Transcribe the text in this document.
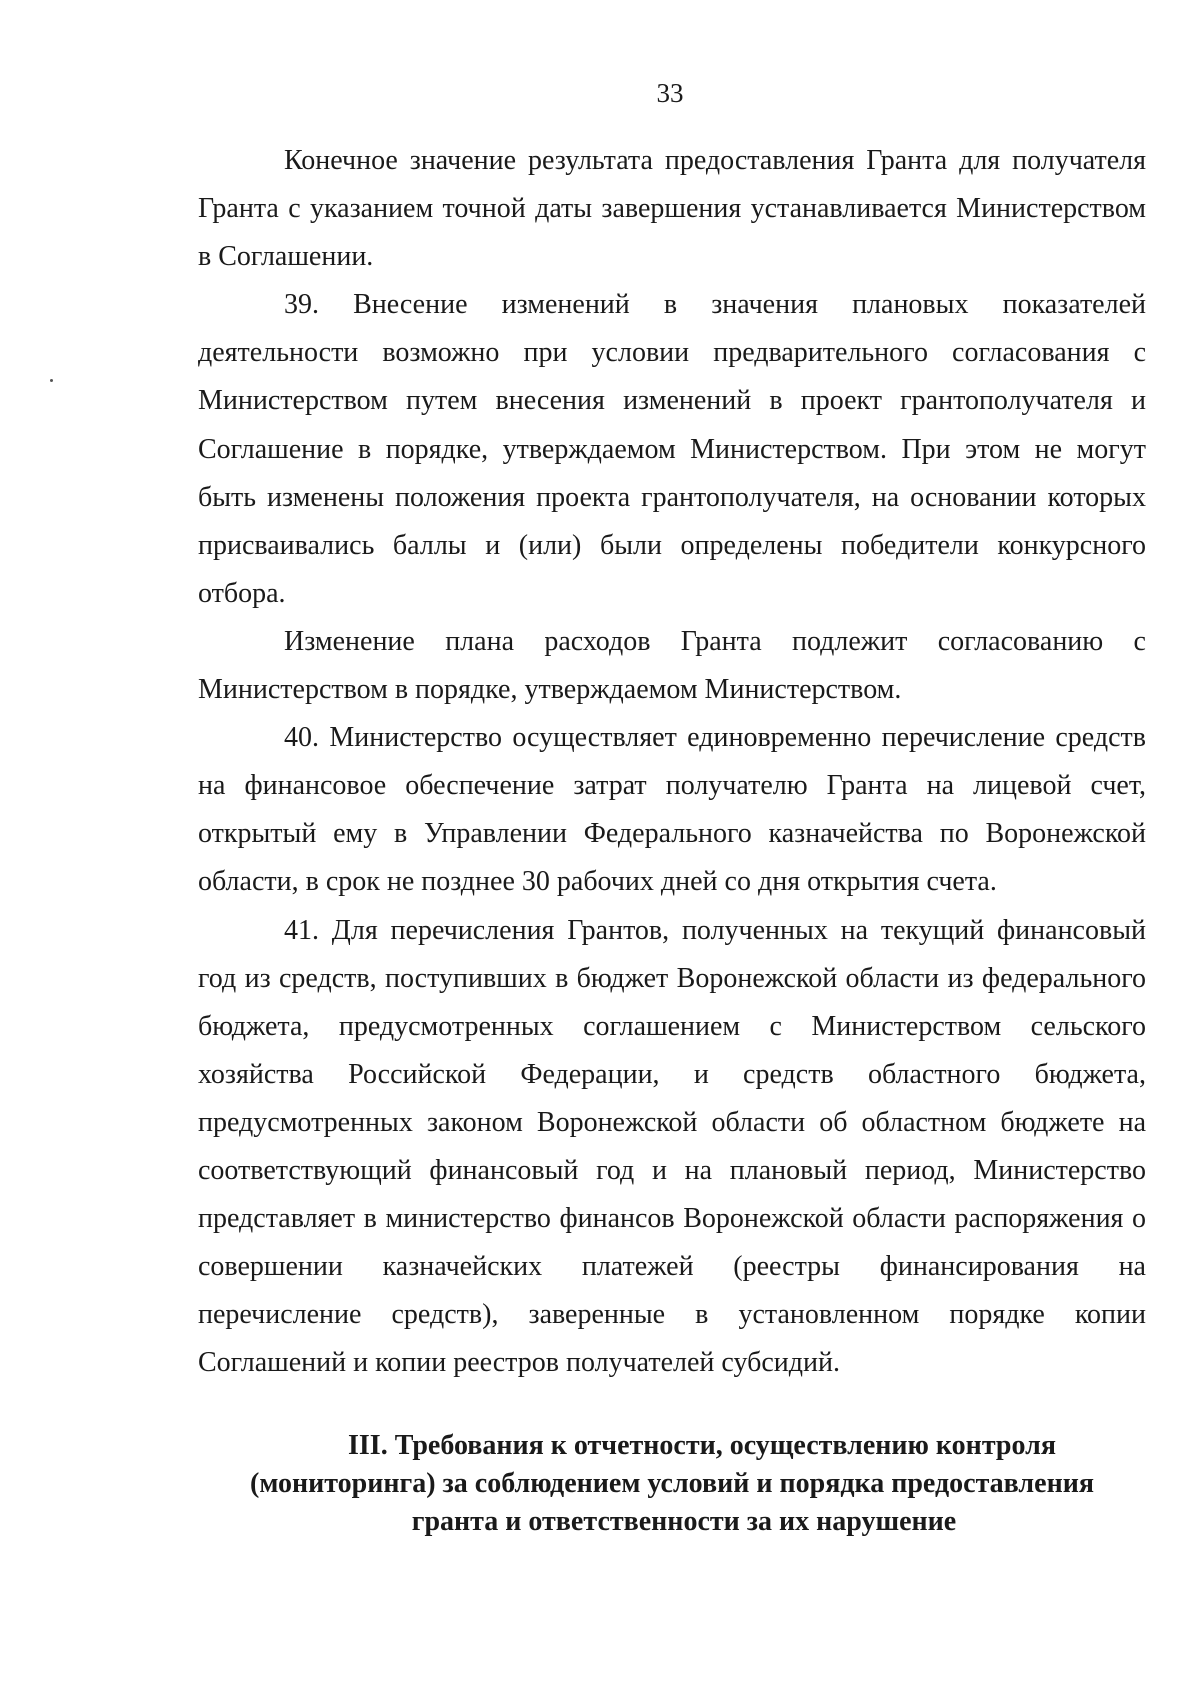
33

Конечное значение результата предоставления Гранта для получателя Гранта с указанием точной даты завершения устанавливается Министерством в Соглашении.

39. Внесение изменений в значения плановых показателей деятельности возможно при условии предварительного согласования с Министерством путем внесения изменений в проект грантополучателя и Соглашение в порядке, утверждаемом Министерством. При этом не могут быть изменены положения проекта грантополучателя, на основании которых присваивались баллы и (или) были определены победители конкурсного отбора.

Изменение плана расходов Гранта подлежит согласованию с Министерством в порядке, утверждаемом Министерством.

40. Министерство осуществляет единовременно перечисление средств на финансовое обеспечение затрат получателю Гранта на лицевой счет, открытый ему в Управлении Федерального казначейства по Воронежской области, в срок не позднее 30 рабочих дней со дня открытия счета.

41. Для перечисления Грантов, полученных на текущий финансовый год из средств, поступивших в бюджет Воронежской области из федерального бюджета, предусмотренных соглашением с Министерством сельского хозяйства Российской Федерации, и средств областного бюджета, предусмотренных законом Воронежской области об областном бюджете на соответствующий финансовый год и на плановый период, Министерство представляет в министерство финансов Воронежской области распоряжения о совершении казначейских платежей (реестры финансирования на перечисление средств), заверенные в установленном порядке копии Соглашений и копии реестров получателей субсидий.

III. Требования к отчетности, осуществлению контроля
(мониторинга) за соблюдением условий и порядка предоставления
гранта и ответственности за их нарушение
